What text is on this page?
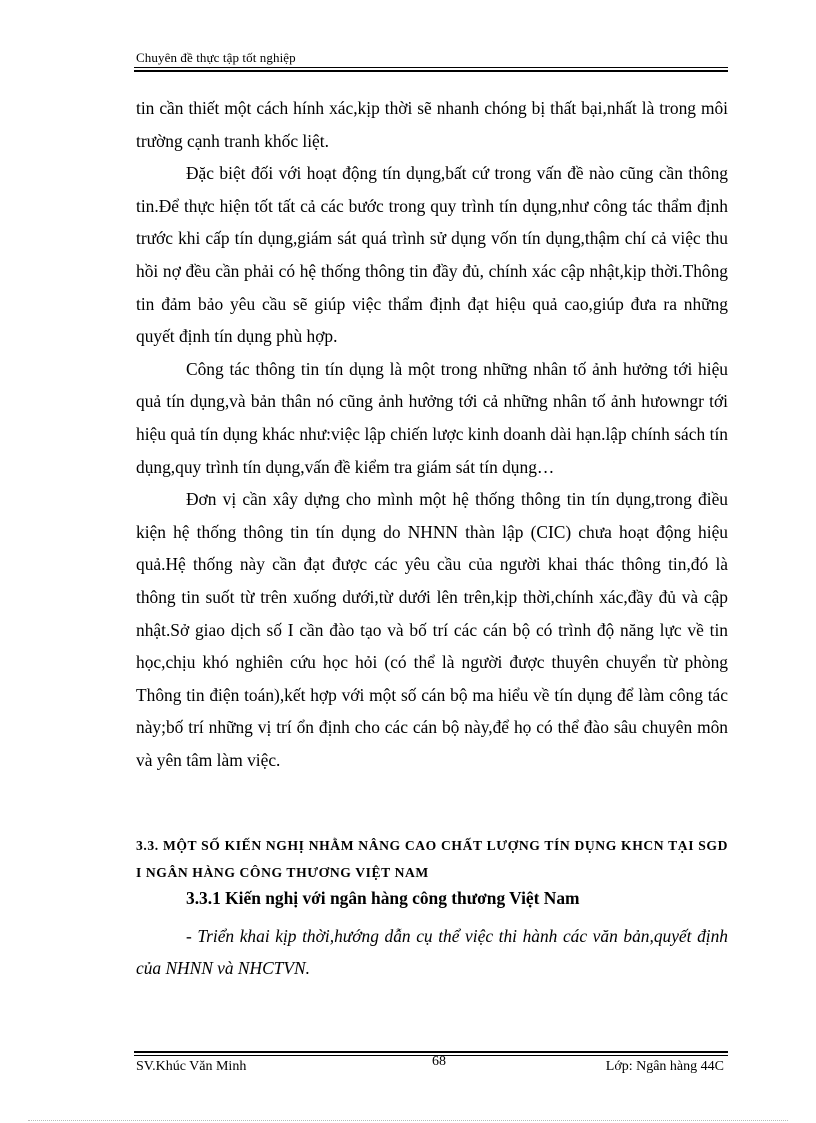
Chuyên đề thực tập tốt nghiệp

tin cần thiết một cách hính xác,kịp thời sẽ nhanh chóng bị thất bại,nhất là trong môi trường cạnh tranh khốc liệt.

Đặc biệt đối với hoạt động tín dụng,bất cứ trong vấn đề nào cũng cần thông tin.Để thực hiện tốt tất cả các bước trong quy trình tín dụng,như công tác thẩm định trước khi cấp tín dụng,giám sát quá trình sử dụng vốn tín dụng,thậm chí cả việc thu hồi nợ đều cần phải có hệ thống thông tin đầy đủ, chính xác cập nhật,kịp thời.Thông tin đảm bảo yêu cầu sẽ giúp việc thẩm định đạt hiệu quả cao,giúp đưa ra những quyết định tín dụng phù hợp.

Công tác thông tin tín dụng là một trong những nhân tố ảnh hưởng tới hiệu quả tín dụng,và bản thân nó cũng ảnh hưởng tới cả những nhân tố ảnh hưowngr tới hiệu quả tín dụng khác như:việc lập chiến lược kinh doanh dài hạn.lập chính sách tín dụng,quy trình tín dụng,vấn đề kiểm tra giám sát tín dụng…

Đơn vị cần xây dựng cho mình một hệ thống thông tin tín dụng,trong điều kiện hệ thống thông tin tín dụng do NHNN thàn lập (CIC) chưa hoạt động hiệu quả.Hệ thống này cần đạt được các yêu cầu của người khai thác thông tin,đó là thông tin suốt từ trên xuống dưới,từ dưới lên trên,kịp thời,chính xác,đầy đủ và cập nhật.Sở giao dịch số I cần đào tạo và bố trí các cán bộ có trình độ năng lực về tin học,chịu khó nghiên cứu học hỏi (có thể là người được thuyên chuyển từ phòng Thông tin điện toán),kết hợp với một số cán bộ ma hiểu về tín dụng để làm công tác này;bố trí những vị trí ổn định cho các cán bộ này,để họ có thể đào sâu chuyên môn và yên tâm làm việc.

3.3. MỘT SỐ KIẾN NGHỊ NHẰM NÂNG CAO CHẤT LƯỢNG TÍN DỤNG KHCN TẠI SGD I NGÂN HÀNG CÔNG THƯƠNG VIỆT NAM
3.3.1 Kiến nghị với ngân hàng công thương Việt Nam
- Triển khai kịp thời,hướng dẫn cụ thể việc thi hành các văn bản,quyết định của NHNN và NHCTVN.
SV.Khúc Văn Minh	68	Lớp: Ngân hàng 44C
